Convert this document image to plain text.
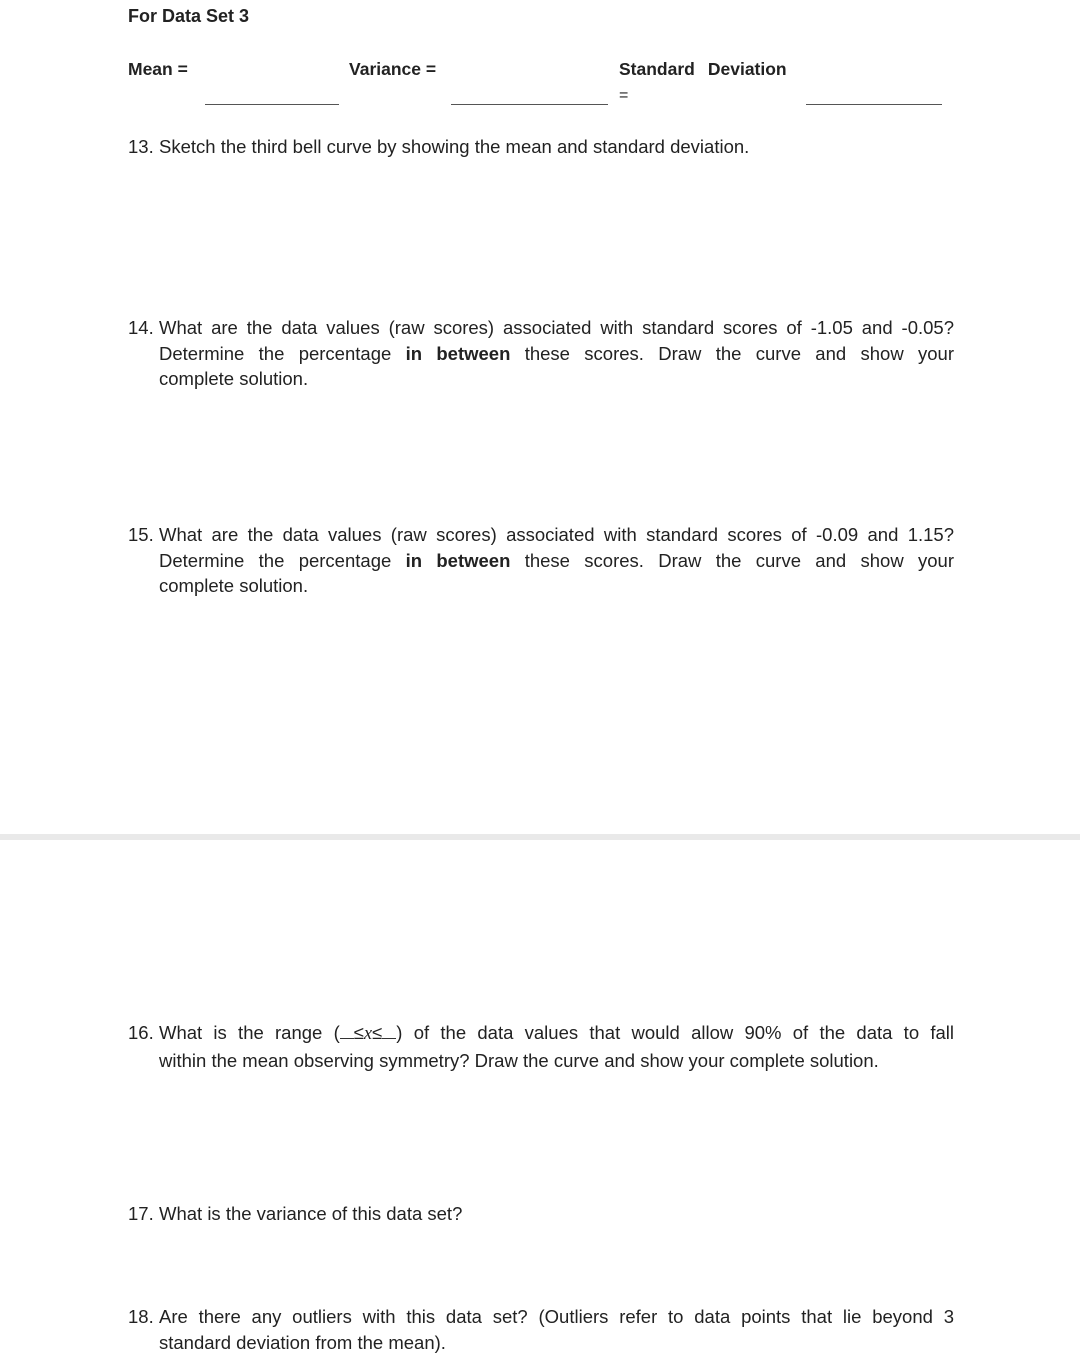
For Data Set 3
Mean =	Variance =	Standard Deviation
=
13. Sketch the third bell curve by showing the mean and standard deviation.
14. What are the data values (raw scores) associated with standard scores of -1.05 and -0.05?
Determine the percentage in between these scores. Draw the curve and show your
complete solution.
15. What are the data values (raw scores) associated with standard scores of -0.09 and 1.15?
Determine the percentage in between these scores. Draw the curve and show your
complete solution.
16. What is the range ( ≤x≤ ) of the data values that would allow 90% of the data to fall
within the mean observing symmetry? Draw the curve and show your complete solution.
17. What is the variance of this data set?
18. Are there any outliers with this data set? (Outliers refer to data points that lie beyond 3
standard deviation from the mean).
